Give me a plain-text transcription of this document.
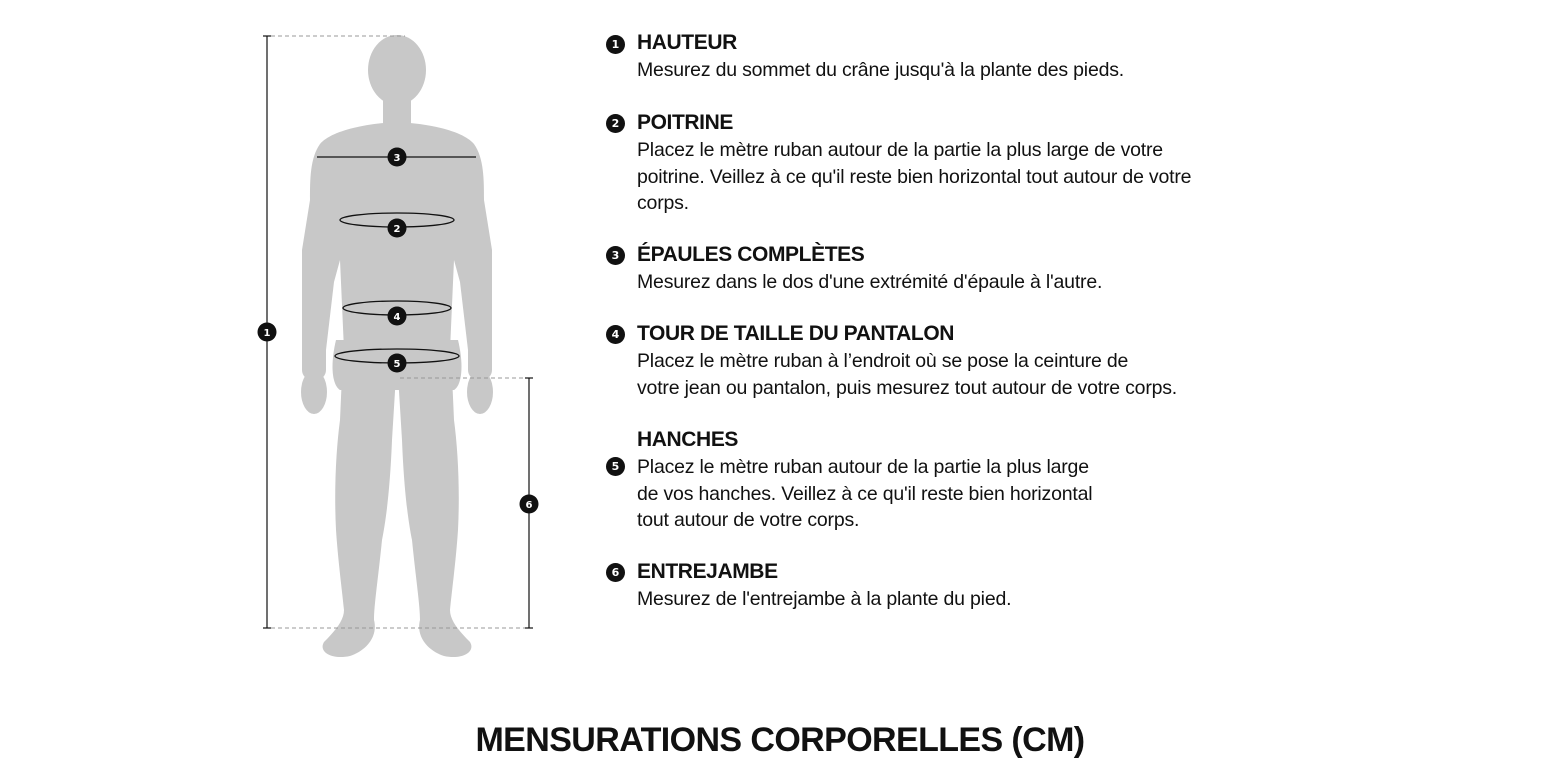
1
2
3
4
5
6
1 HAUTEUR
Mesurez du sommet du crâne jusqu'à la plante des pieds.
2 POITRINE
Placez le mètre ruban autour de la partie la plus large de votre
poitrine. Veillez à ce qu'il reste bien horizontal tout autour de votre
corps.
3 ÉPAULES COMPLÈTES
Mesurez dans le dos d'une extrémité d'épaule à l'autre.
4 TOUR DE TAILLE DU PANTALON
Placez le mètre ruban à l’endroit où se pose la ceinture de
votre jean ou pantalon, puis mesurez tout autour de votre corps.
5
HANCHES
Placez le mètre ruban autour de la partie la plus large
de vos hanches. Veillez à ce qu'il reste bien horizontal
tout autour de votre corps.
6 ENTREJAMBE
Mesurez de l'entrejambe à la plante du pied.
MENSURATIONS CORPORELLES (CM)
